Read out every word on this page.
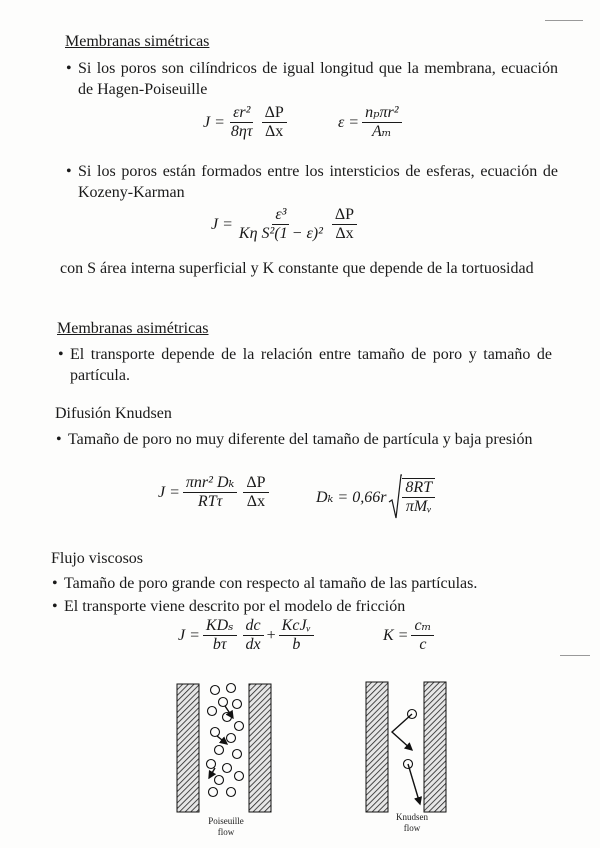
Membranas simétricas
• Si los poros son cilíndricos de igual longitud que la membrana, ecuación de Hagen-Poiseuille
$J = \frac{\text{εr²}}{8\eta\tau} \frac{\Delta P}{\Delta x}$	$\varepsilon = \frac{\text{nₚπr²}}{\text{Aₘ}}$
• Si los poros están formados entre los intersticios de esferas, ecuación de Kozeny-Karman
$J = \frac{\text{ε³}}{\text{Kη S²(1 − ε)²}} \frac{\Delta P}{\Delta x}$
con S área interna superficial y K constante que depende de la tortuosidad
Membranas asimétricas
• El transporte depende de la relación entre tamaño de poro y tamaño de partícula.
Difusión Knudsen
• Tamaño de poro no muy diferente del tamaño de partícula y baja presión
$J = \frac{\text{πnr² Dₖ}}{\text{RTτ}} \frac{\Delta P}{\Delta x}$	$D_k = 0,66r \frac{8RT}{\text{πMᵥ}}$
Flujo viscosos
• Tamaño de poro grande con respecto al tamaño de las partículas.
• El transporte viene descrito por el modelo de fricción
$J = \frac{\text{KDₛ}}{b\tau} \frac{dc}{dx} + \frac{\text{KcJᵥ}}{b}$	$K = \frac{\text{cₘ}}{c}$
Poiseuille
flow
Knudsen
flow
